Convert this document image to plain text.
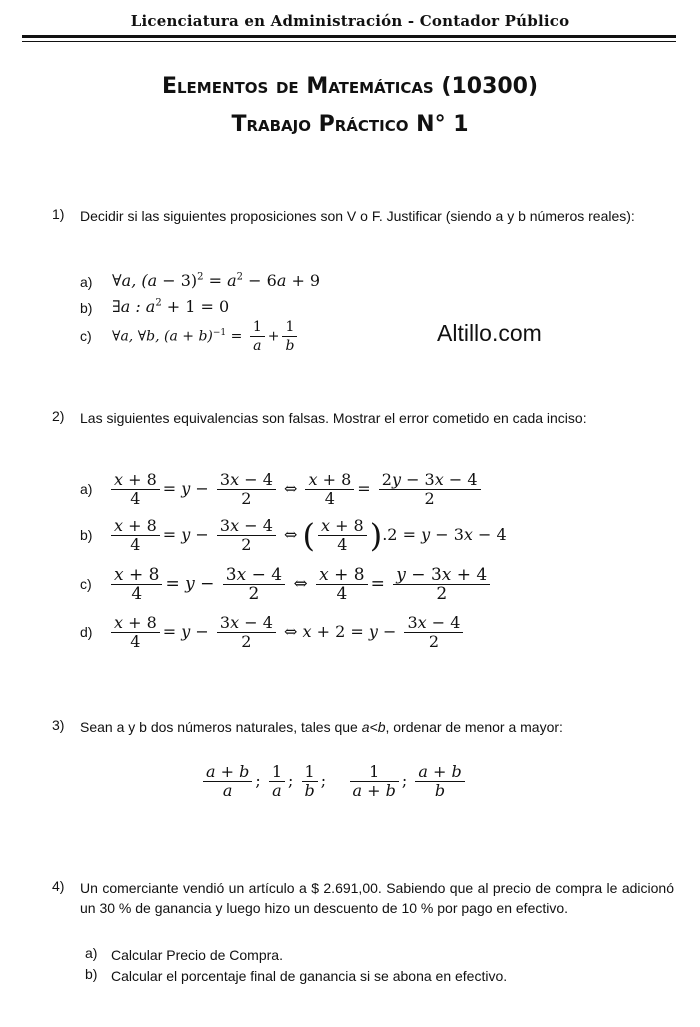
Licenciatura en Administración - Contador Público
Elementos de Matemáticas (10300)
Trabajo Práctico N° 1
1) Decidir si las siguientes proposiciones son V o F. Justificar (siendo a y b números reales):
a) ∀a, $(a - 3)^2 = a^2 - 6a + 9$
b) ∃a : $a^2 + 1 = 0$
c) ∀a, ∀b, $(a + b)^{-1} = \frac{1}{a} + \frac{1}{b}$	Altillo.com
2) Las siguientes equivalencias son falsas. Mostrar el error cometido en cada inciso:
$a) \frac{x + 8}{4} = y - \frac{3x - 4}{2}$ ⇔ $\frac{x + 8}{4} = \frac{2y - 3x - 4}{2}$
$b) \frac{x + 8}{4} = y - \frac{3x - 4}{2}$ ⇔ ( $\frac{x + 8}{4} ).2 = y - 3x - 4$
$c) \frac{x + 8}{4} = y - \frac{3x - 4}{2}$ ⇔ $\frac{x + 8}{4} = \frac{y - 3x + 4}{2}$
$d) \frac{x + 8}{4} = y - \frac{3x - 4}{2}$ ⇔ $x + 2 = y - \frac{3x - 4}{2}$
3) Sean a y b dos números naturales, tales que a<b, ordenar de menor a mayor:
$\frac{a + b}{a}$ ; $\frac{1}{a}$ ; $\frac{1}{b}$ ; $\frac{1}{a + b}$ ; $\frac{a + b}{b}$
4) Un comerciante vendió un artículo a $ 2.691,00. Sabiendo que al precio de compra le adicionó un 30 % de ganancia y luego hizo un descuento de 10 % por pago en efectivo.
a) Calcular Precio de Compra.
b) Calcular el porcentaje final de ganancia si se abona en efectivo.
